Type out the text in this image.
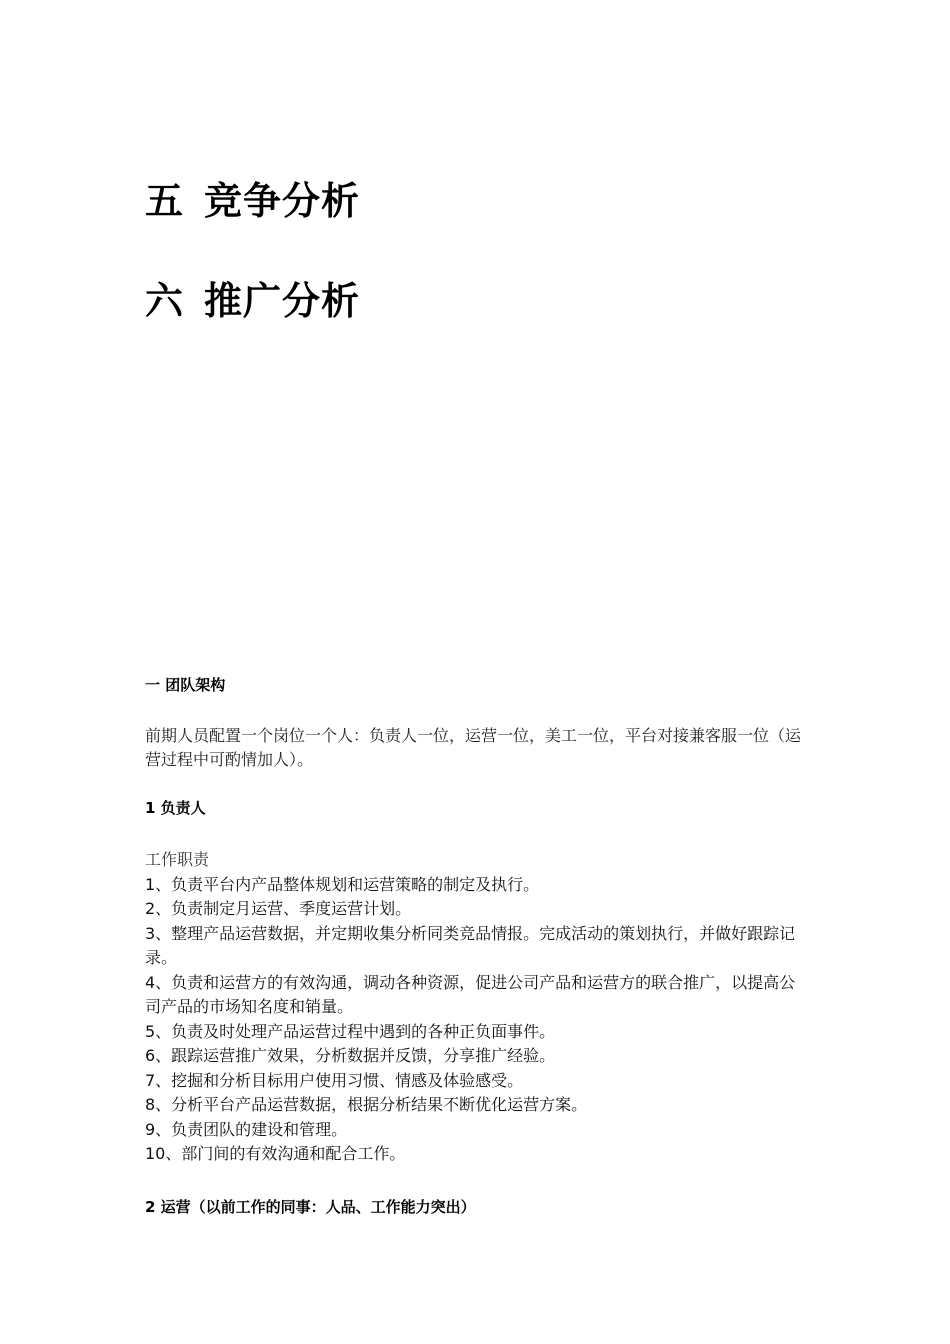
五 竞争分析
六 推广分析
一 团队架构
前期人员配置一个岗位一个人：负责人一位，运营一位，美工一位，平台对接兼客服一位（运营过程中可酌情加人）。
1 负责人
工作职责
1、负责平台内产品整体规划和运营策略的制定及执行。
2、负责制定月运营、季度运营计划。
3、整理产品运营数据，并定期收集分析同类竞品情报。完成活动的策划执行，并做好跟踪记录。
4、负责和运营方的有效沟通，调动各种资源，促进公司产品和运营方的联合推广，以提高公司产品的市场知名度和销量。
5、负责及时处理产品运营过程中遇到的各种正负面事件。
6、跟踪运营推广效果，分析数据并反馈，分享推广经验。
7、挖掘和分析目标用户使用习惯、情感及体验感受。
8、分析平台产品运营数据，根据分析结果不断优化运营方案。
9、负责团队的建设和管理。
10、部门间的有效沟通和配合工作。
2 运营（以前工作的同事：人品、工作能力突出）
